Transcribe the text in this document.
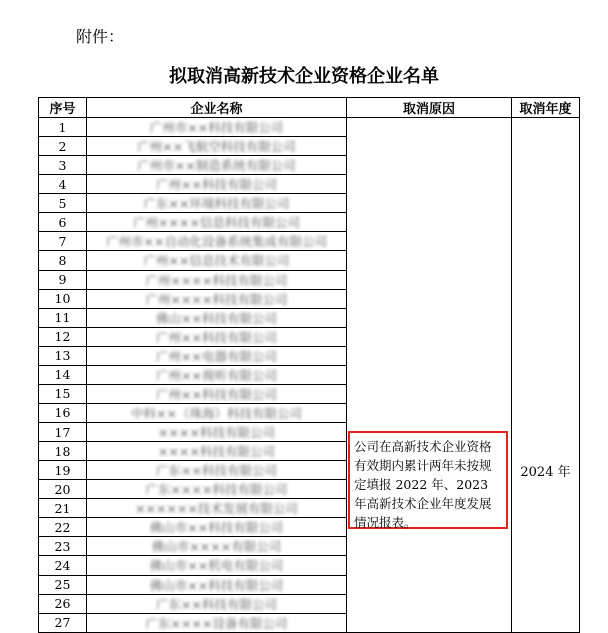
附件：
拟取消高新技术企业资格企业名单
序号	企业名称	取消原因	取消年度
1	广州市××科技有限公司	公司在高新技术企业资格有效期内累计两年未按规定填报 2022 年、2023 年高新技术企业年度发展情况报表。	2024 年

2	广州××飞航空科技有限公司		
3	广州市××制造系统有限公司		
4	广州××科技有限公司		
5	广东××环境科技有限公司		
6	广州××××信息科技有限公司		
7	广州市××自动化设备系统集成有限公司		
8	广州××信息技术有限公司		
9	广州××××科技有限公司		
10	广州××××科技有限公司		
11	佛山××科技有限公司		
12	广州××科技有限公司		
13	广州××电器有限公司		
14	广州××视听有限公司		
15	广州××科技有限公司		
16	中科××（珠海）科技有限公司		
17	××××科技有限公司		
18	××××科技有限公司		
19	广东××科技有限公司		
20	广东××××科技有限公司		
21	××××××技术发展有限公司		
22	佛山市××科技有限公司		
23	佛山市××××有限公司		
24	佛山市××机电有限公司		
25	佛山市××科技有限公司		
26	广东××科技有限公司		
27	广东××××设备有限公司		
